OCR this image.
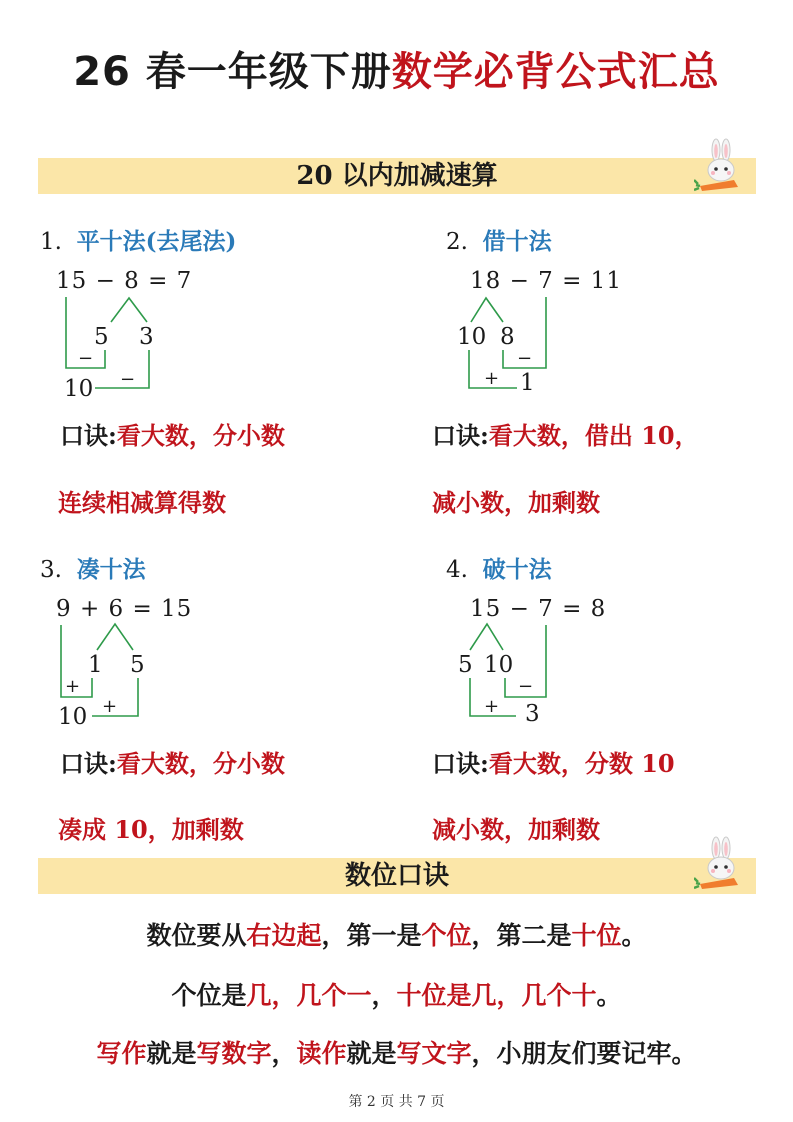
26 春一年级下册数学必背公式汇总
20 以内加减速算
1. 平十法(去尾法)
15 − 8 = 7
5 3
−
10 −
口诀:看大数，分小数
连续相减算得数
2. 借十法
18 − 7 = 11
10 8
−
+ 1
口诀:看大数，借出 10，
减小数，加剩数
3. 凑十法
9 + 6 = 15
1 5
+
10 +
口诀:看大数，分小数
凑成 10，加剩数
4. 破十法
15 − 7 = 8
5 10
−
+ 3
口诀:看大数，分数 10
减小数，加剩数
数位口诀
数位要从右边起，第一是个位，第二是十位。
个位是几，几个一，十位是几，几个十。
写作就是写数字，读作就是写文字，小朋友们要记牢。
第 2 页 共 7 页
